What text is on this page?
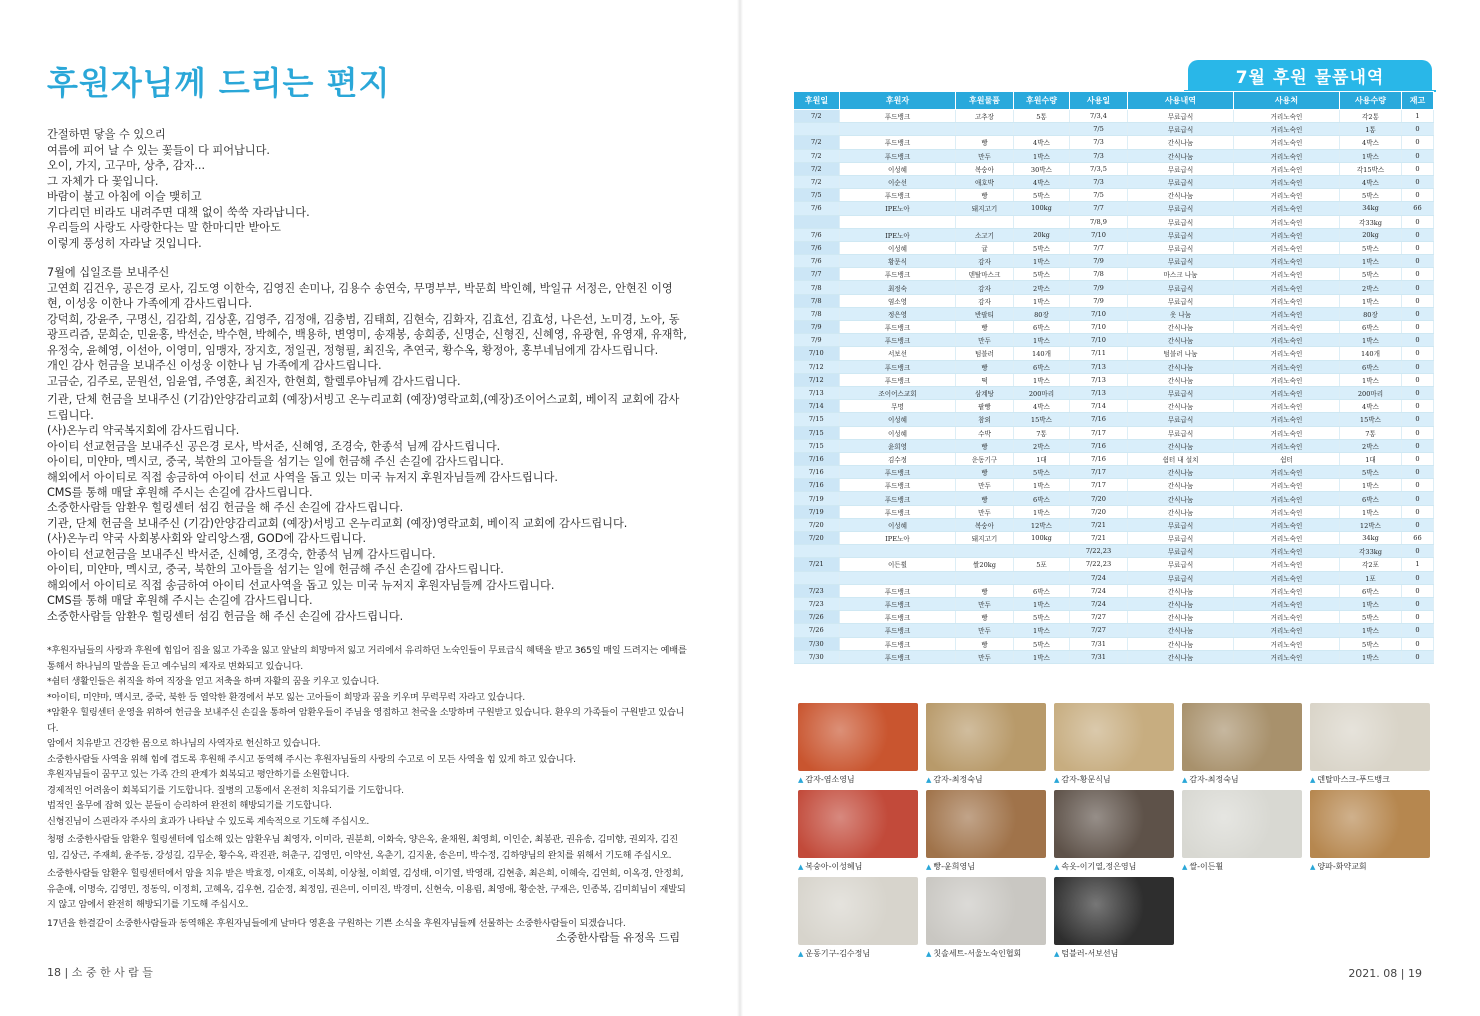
후원자님께 드리는 편지

간절하면 닿을 수 있으리

여름에 피어 날 수 있는 꽃들이 다 피어납니다.

오이, 가지, 고구마, 상추, 감자...

그 자체가 다 꽃입니다.

바람이 불고 아침에 이슬 맺히고

기다리던 비라도 내려주면 대책 없이 쑥쑥 자라납니다.

우리들의 사랑도 사랑한다는 말 한마디만 받아도

이렇게 풍성히 자라날 것입니다.

7월에 십일조를 보내주신

고연희 김건우, 공은경 로사, 김도영 이한숙, 김영진 손미나, 김용수 송연숙, 무명부부, 박문희 박인혜, 박일규 서정은, 안현진 이영현, 이성웅 이한나 가족에게 감사드립니다.

강덕희, 강윤주, 구명신, 김감희, 김상훈, 김영주, 김정애, 김충범, 김태희, 김현숙, 김화자, 김효선, 김효성, 나은선, 노미경, 노아, 동광프리즘, 문희순, 민윤홍, 박선순, 박수현, 박혜수, 백용하, 변영미, 송재봉, 송희종, 신명순, 신형진, 신혜영, 유광현, 유영재, 유재학, 유정숙, 윤혜영, 이선아, 이영미, 임맹자, 장지호, 정일권, 정형필, 최진욱, 추연국, 황수옥, 황정아, 홍부네님에게 감사드립니다.

개인 감사 헌금을 보내주신 이성웅 이한나 님 가족에게 감사드립니다.

고금순, 김주로, 문원선, 임윤엽, 주영훈, 최진자, 한현희, 할렐루야님께 감사드립니다.

기관, 단체 헌금을 보내주신 (기감)안양감리교회 (예장)서빙고 온누리교회 (예장)영락교회,(예장)조이어스교회, 베이직 교회에 감사드립니다.

(사)온누리 약국복지회에 감사드립니다.

아이티 선교헌금을 보내주신 공은경 로사, 박서준, 신혜영, 조경숙, 한종석 님께 감사드립니다.

아이티, 미얀마, 멕시코, 중국, 북한의 고아들을 섬기는 일에 헌금해 주신 손길에 감사드립니다.

해외에서 아이티로 직접 송금하여 아이티 선교 사역을 돕고 있는 미국 뉴저지 후원자님들께 감사드립니다.

CMS를 통해 매달 후원해 주시는 손길에 감사드립니다.

소중한사람들 암환우 힐링센터 섬김 헌금을 해 주신 손길에 감사드립니다.

기관, 단체 헌금을 보내주신 (기감)안양감리교회 (예장)서빙고 온누리교회 (예장)영락교회, 베이직 교회에 감사드립니다.

(사)온누리 약국 사회봉사회와 알리앙스잼, GOD에 감사드립니다.

아이티 선교헌금을 보내주신 박서준, 신혜영, 조경숙, 한종석 님께 감사드립니다.

아이티, 미얀마, 멕시코, 중국, 북한의 고아들을 섬기는 일에 헌금해 주신 손길에 감사드립니다.

해외에서 아이티로 직접 송금하여 아이티 선교사역을 돕고 있는 미국 뉴저지 후원자님들께 감사드립니다.

CMS를 통해 매달 후원해 주시는 손길에 감사드립니다.

소중한사람들 암환우 힐링센터 섬김 헌금을 해 주신 손길에 감사드립니다.

*후원자님들의 사랑과 후원에 힘입어 집을 잃고 가족을 잃고 앞날의 희망마저 잃고 거리에서 유리하던 노숙인들이 무료급식 혜택을 받고 365일 매일 드려지는 예배를 통해서 하나님의 말씀을 듣고 예수님의 제자로 변화되고 있습니다.

*쉼터 생활인들은 취직을 하여 직장을 얻고 저축을 하며 자활의 꿈을 키우고 있습니다.

*아이티, 미얀마, 멕시코, 중국, 북한 등 열악한 환경에서 부모 잃는 고아들이 희망과 꿈을 키우며 무럭무럭 자라고 있습니다.

*암환우 힐링센터 운영을 위하여 헌금을 보내주신 손길을 통하여 암환우들이 주님을 영접하고 천국을 소망하며 구원받고 있습니다. 환우의 가족들이 구원받고 있습니다.

암에서 치유받고 건강한 몸으로 하나님의 사역자로 헌신하고 있습니다.

소중한사람들 사역을 위해 힘에 겹도록 후원해 주시고 동역해 주시는 후원자님들의 사랑의 수고로 이 모든 사역을 힘 있게 하고 있습니다.

후원자님들이 꿈꾸고 있는 가족 간의 관계가 회복되고 평안하기를 소원합니다.

경제적인 어려움이 회복되기를 기도합니다. 질병의 고통에서 온전히 치유되기를 기도합니다.

법적인 올무에 잡혀 있는 분들이 승리하여 완전히 해방되기를 기도합니다.

신형진님이 스핀라자 주사의 효과가 나타날 수 있도록 계속적으로 기도해 주십시오.

청평 소중한사람들 암환우 힐링센터에 입소해 있는 암환우님 최영자, 이미라, 권분희, 이화숙, 양은옥, 윤채원, 최영희, 이인순, 최봉관, 권유송, 김미향, 권외자, 김진임, 김상근, 주재희, 윤주동, 강성길, 김무순, 황수옥, 곽진관, 허춘구, 김영민, 이약선, 옥춘기, 김지윤, 송은미, 박수정, 김하양님의 완치를 위해서 기도해 주십시오.

소중한사람들 암환우 힐링센터에서 암을 치유 받은 박효정, 이재호, 이복희, 이상철, 이희열, 김성태, 이기열, 박영래, 김현총, 최은희, 이혜숙, 김연희, 이옥경, 안정희, 유춘애, 이명숙, 김영민, 정동익, 이정희, 고혜옥, 김우현, 김순정, 최정임, 권은미, 이미진, 박경미, 신현숙, 이용림, 최영애, 황순찬, 구재은, 인종복, 김미희님이 재발되지 않고 암에서 완전히 해방되기를 기도해 주십시오.

17년을 한결같이 소중한사람들과 동역해온 후원자님들에게 날마다 영혼을 구원하는 기쁜 소식을 후원자님들께 선물하는 소중한사람들이 되겠습니다.

소중한사람들 유정옥 드림
18 | 소 중 한 사 람 들
7월 후원 물품내역
후원일	후원자	후원물품	후원수량	사용일	사용내역	사용처	사용수량	재고
7/2	푸드뱅크	고추장	5통	7/3,4	무료급식	거리노숙인	각2통	1
				7/5	무료급식	거리노숙인	1통	0
7/2	푸드뱅크	빵	4박스	7/3	간식나눔	거리노숙인	4박스	0
7/2	푸드뱅크	만두	1박스	7/3	간식나눔	거리노숙인	1박스	0
7/2	이성혜	복숭아	30박스	7/3,5	무료급식	거리노숙인	각15박스	0
7/2	이순선	애호박	4박스	7/3	무료급식	거리노숙인	4박스	0
7/5	푸드뱅크	빵	5박스	7/5	간식나눔	거리노숙인	5박스	0
7/6	IPE노아	돼지고기	100kg	7/7	무료급식	거리노숙인	34kg	66
				7/8,9	무료급식	거리노숙인	각33kg	0
7/6	IPE노아	소고기	20kg	7/10	무료급식	거리노숙인	20kg	0
7/6	이성혜	귤	5박스	7/7	무료급식	거리노숙인	5박스	0
7/6	황문식	감자	1박스	7/9	무료급식	거리노숙인	1박스	0
7/7	푸드뱅크	덴탈마스크	5박스	7/8	마스크 나눔	거리노숙인	5박스	0
7/8	최정숙	감자	2박스	7/9	무료급식	거리노숙인	2박스	0
7/8	염소영	감자	1박스	7/9	무료급식	거리노숙인	1박스	0
7/8	정은영	반팔티	80장	7/10	옷 나눔	거리노숙인	80장	0
7/9	푸드뱅크	빵	6박스	7/10	간식나눔	거리노숙인	6박스	0
7/9	푸드뱅크	만두	1박스	7/10	간식나눔	거리노숙인	1박스	0
7/10	서보선	텀블러	140개	7/11	텀블러 나눔	거리노숙인	140개	0
7/12	푸드뱅크	빵	6박스	7/13	간식나눔	거리노숙인	6박스	0
7/12	푸드뱅크	떡	1박스	7/13	간식나눔	거리노숙인	1박스	0
7/13	조이어스교회	삼계탕	200마리	7/13	무료급식	거리노숙인	200마리	0
7/14	무명	팥빵	4박스	7/14	간식나눔	거리노숙인	4박스	0
7/15	이성혜	참외	15박스	7/16	무료급식	거리노숙인	15박스	0
7/15	이성혜	수박	7통	7/17	무료급식	거리노숙인	7통	0
7/15	윤희영	빵	2박스	7/16	간식나눔	거리노숙인	2박스	0
7/16	김수정	운동기구	1대	7/16	쉼터 내 설치	쉼터	1대	0
7/16	푸드뱅크	빵	5박스	7/17	간식나눔	거리노숙인	5박스	0
7/16	푸드뱅크	만두	1박스	7/17	간식나눔	거리노숙인	1박스	0
7/19	푸드뱅크	빵	6박스	7/20	간식나눔	거리노숙인	6박스	0
7/19	푸드뱅크	만두	1박스	7/20	간식나눔	거리노숙인	1박스	0
7/20	이성혜	복숭아	12박스	7/21	무료급식	거리노숙인	12박스	0
7/20	IPE노아	돼지고기	100kg	7/21	무료급식	거리노숙인	34kg	66
				7/22,23	무료급식	거리노숙인	각33kg	0
7/21	이든휠	쌀20kg	5포	7/22,23	무료급식	거리노숙인	각2포	1
				7/24	무료급식	거리노숙인	1포	0
7/23	푸드뱅크	빵	6박스	7/24	간식나눔	거리노숙인	6박스	0
7/23	푸드뱅크	만두	1박스	7/24	간식나눔	거리노숙인	1박스	0
7/26	푸드뱅크	빵	5박스	7/27	간식나눔	거리노숙인	5박스	0
7/26	푸드뱅크	만두	1박스	7/27	간식나눔	거리노숙인	1박스	0
7/30	푸드뱅크	빵	5박스	7/31	간식나눔	거리노숙인	5박스	0
7/30	푸드뱅크	만두	1박스	7/31	간식나눔	거리노숙인	1박스	0
▲ 감자-염소영님	▲ 감자-최정숙님	▲ 감자-황문식님	▲ 감자-최정숙님	▲ 덴탈마스크-푸드뱅크
▲ 복숭아-이성혜님	▲ 빵-윤희영님	▲ 속옷-이기열,정은영님	▲ 쌀-이든휠	▲ 양파-화약교회
▲ 운동기구-김수정님	▲ 칫솔세트-서울노숙인협회	▲ 텀블러-서보선님
2021. 08 | 19
